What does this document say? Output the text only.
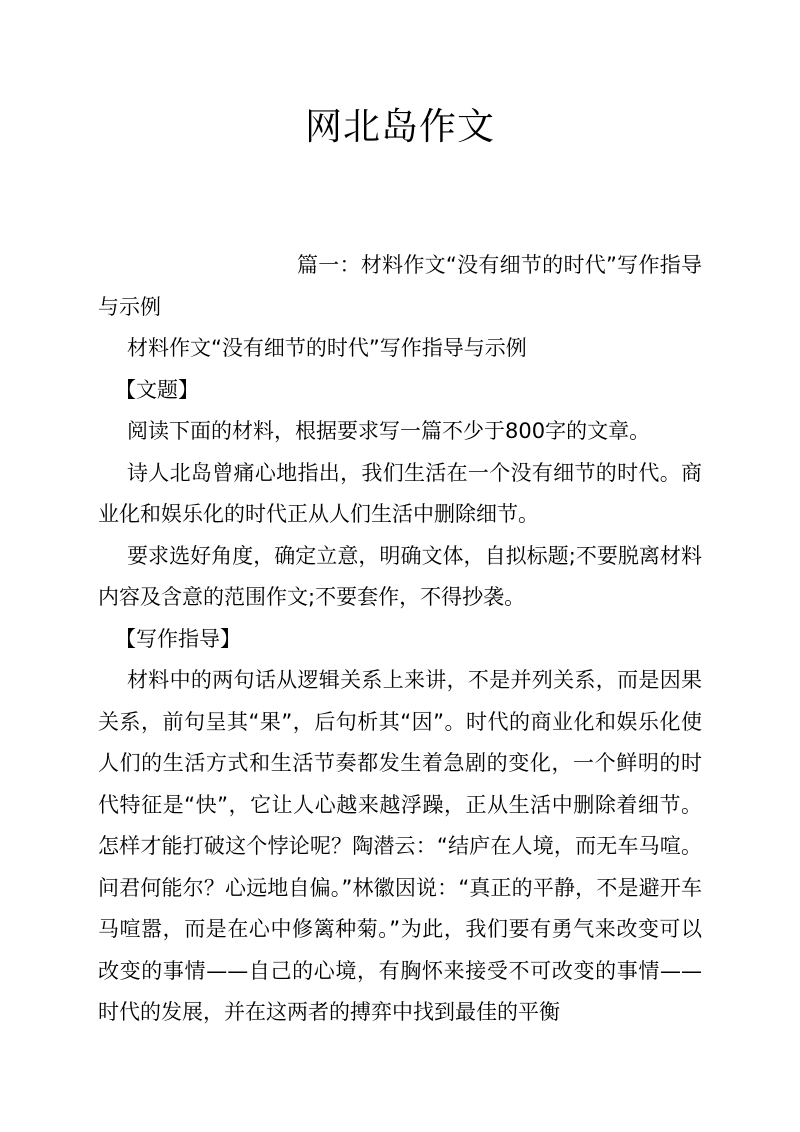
网北岛作文

篇一：材料作文“没有细节的时代”写作指导与示例

材料作文“没有细节的时代”写作指导与示例

【文题】

阅读下面的材料，根据要求写一篇不少于800字的文章。

诗人北岛曾痛心地指出，我们生活在一个没有细节的时代。商业化和娱乐化的时代正从人们生活中删除细节。

要求选好角度，确定立意，明确文体，自拟标题;不要脱离材料内容及含意的范围作文;不要套作，不得抄袭。

【写作指导】

材料中的两句话从逻辑关系上来讲，不是并列关系，而是因果关系，前句呈其“果”，后句析其“因”。时代的商业化和娱乐化使人们的生活方式和生活节奏都发生着急剧的变化，一个鲜明的时代特征是“快”，它让人心越来越浮躁，正从生活中删除着细节。怎样才能打破这个悖论呢？陶潜云：“结庐在人境，而无车马喧。问君何能尔？心远地自偏。”林徽因说：“真正的平静，不是避开车马喧嚣，而是在心中修篱种菊。”为此，我们要有勇气来改变可以改变的事情——自己的心境，有胸怀来接受不可改变的事情——时代的发展，并在这两者的搏弈中找到最佳的平衡
